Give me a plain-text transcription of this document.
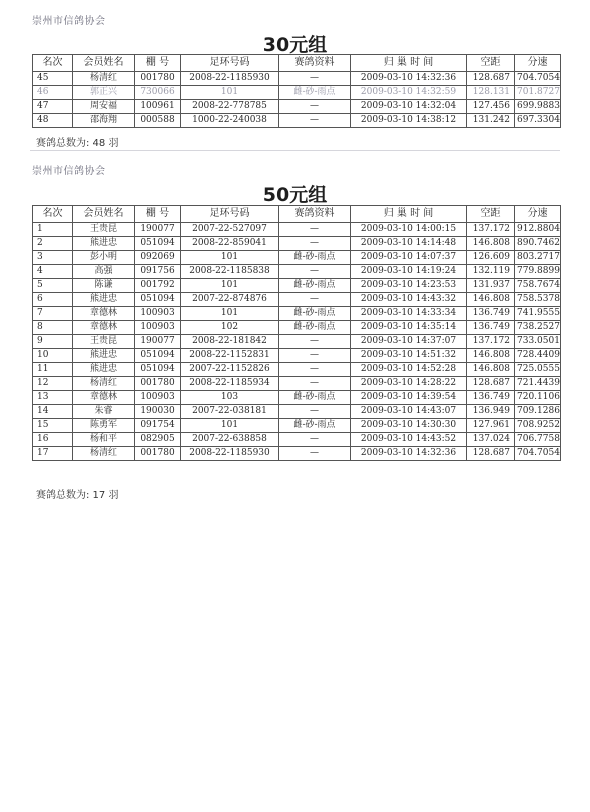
崇州市信鸽协会
30元组
名次	会员姓名	棚 号	足环号码	赛鸽资料	归 巢 时 间	空距	分速
45	杨清红	001780	2008-22-1185930	—	2009-03-10 14:32:36	128.687	704.7054
46	郭正兴	730066	101	雌-砂-雨点	2009-03-10 14:32:59	128.131	701.8727
47	周安福	100961	2008-22-778785	—	2009-03-10 14:32:04	127.456	699.9883
48	邵海翔	000588	1000-22-240038	—	2009-03-10 14:38:12	131.242	697.3304
赛鸽总数为: 48 羽
崇州市信鸽协会
50元组
名次	会员姓名	棚 号	足环号码	赛鸽资料	归 巢 时 间	空距	分速
1	王贵昆	190077	2007-22-527097	—	2009-03-10 14:00:15	137.172	912.8804
2	熊进忠	051094	2008-22-859041	—	2009-03-10 14:14:48	146.808	890.7462
3	彭小明	092069	101	雌-砂-雨点	2009-03-10 14:07:37	126.609	803.2717
4	高强	091756	2008-22-1185838	—	2009-03-10 14:19:24	132.119	779.8899
5	陈谦	001792	101	雌-砂-雨点	2009-03-10 14:23:53	131.937	758.7674
6	熊进忠	051094	2007-22-874876	—	2009-03-10 14:43:32	146.808	758.5378
7	章德林	100903	101	雌-砂-雨点	2009-03-10 14:33:34	136.749	741.9555
8	章德林	100903	102	雌-砂-雨点	2009-03-10 14:35:14	136.749	738.2527
9	王贵昆	190077	2008-22-181842	—	2009-03-10 14:37:07	137.172	733.0501
10	熊进忠	051094	2008-22-1152831	—	2009-03-10 14:51:32	146.808	728.4409
11	熊进忠	051094	2007-22-1152826	—	2009-03-10 14:52:28	146.808	725.0555
12	杨清红	001780	2008-22-1185934	—	2009-03-10 14:28:22	128.687	721.4439
13	章德林	100903	103	雌-砂-雨点	2009-03-10 14:39:54	136.749	720.1106
14	朱睿	190030	2007-22-038181	—	2009-03-10 14:43:07	136.949	709.1286
15	陈勇军	091754	101	雌-砂-雨点	2009-03-10 14:30:30	127.961	708.9252
16	杨和平	082905	2007-22-638858	—	2009-03-10 14:43:52	137.024	706.7758
17	杨清红	001780	2008-22-1185930	—	2009-03-10 14:32:36	128.687	704.7054
赛鸽总数为: 17 羽
